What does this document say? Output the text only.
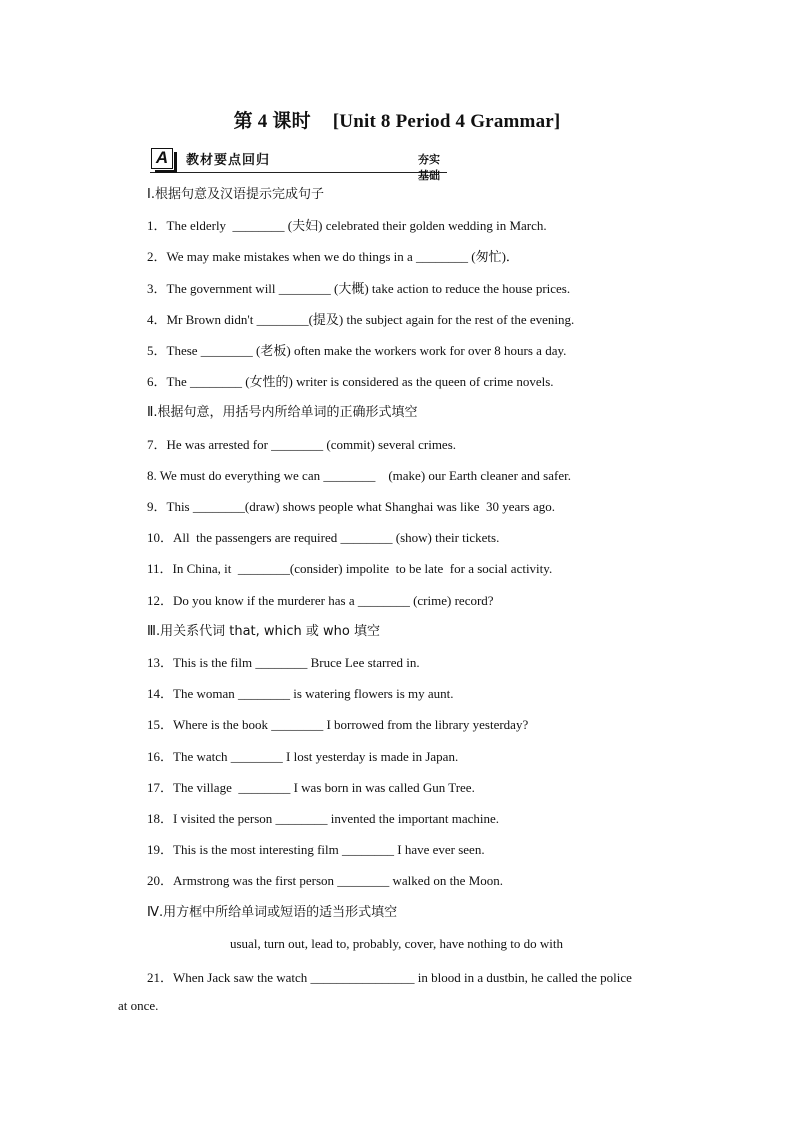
第 4 课时 [Unit 8 Period 4 Grammar]
A	教材要点回归	夯实基础
Ⅰ.根据句意及汉语提示完成句子
1．The elderly  ________ (夫妇) celebrated their golden wedding in March.
2．We may make mistakes when we do things in a ________ (匆忙)．
3．The government will ________ (大概) take action to reduce the house prices.
4．Mr Brown didn't ________(提及) the subject again for the rest of the evening.
5．These ________ (老板) often make the workers work for over 8 hours a day.
6．The ________ (女性的) writer is considered as the queen of crime novels.
Ⅱ.根据句意，用括号内所给单词的正确形式填空
7．He was arrested for ________ (commit) several crimes.
8. We must do everything we can ________    (make) our Earth cleaner and safer.
9．This ________(draw) shows people what Shanghai was like  30 years ago.
10．All  the passengers are required ________ (show) their tickets.
11．In China, it  ________(consider) impolite  to be late  for a social activity.
12．Do you know if the murderer has a ________ (crime) record?
Ⅲ.用关系代词 that, which 或 who 填空
13．This is the film ________ Bruce Lee starred in.
14．The woman ________ is watering flowers is my aunt.
15．Where is the book ________ I borrowed from the library yesterday?
16．The watch ________ I lost yesterday is made in Japan.
17．The village  ________ I was born in was called Gun Tree.
18．I visited the person ________ invented the important machine.
19．This is the most interesting film ________ I have ever seen.
20．Armstrong was the first person ________ walked on the Moon.
Ⅳ.用方框中所给单词或短语的适当形式填空
usual, turn out, lead to, probably, cover, have nothing to do with
21．When Jack saw the watch ________________ in blood in a dustbin, he called the police
at once.
